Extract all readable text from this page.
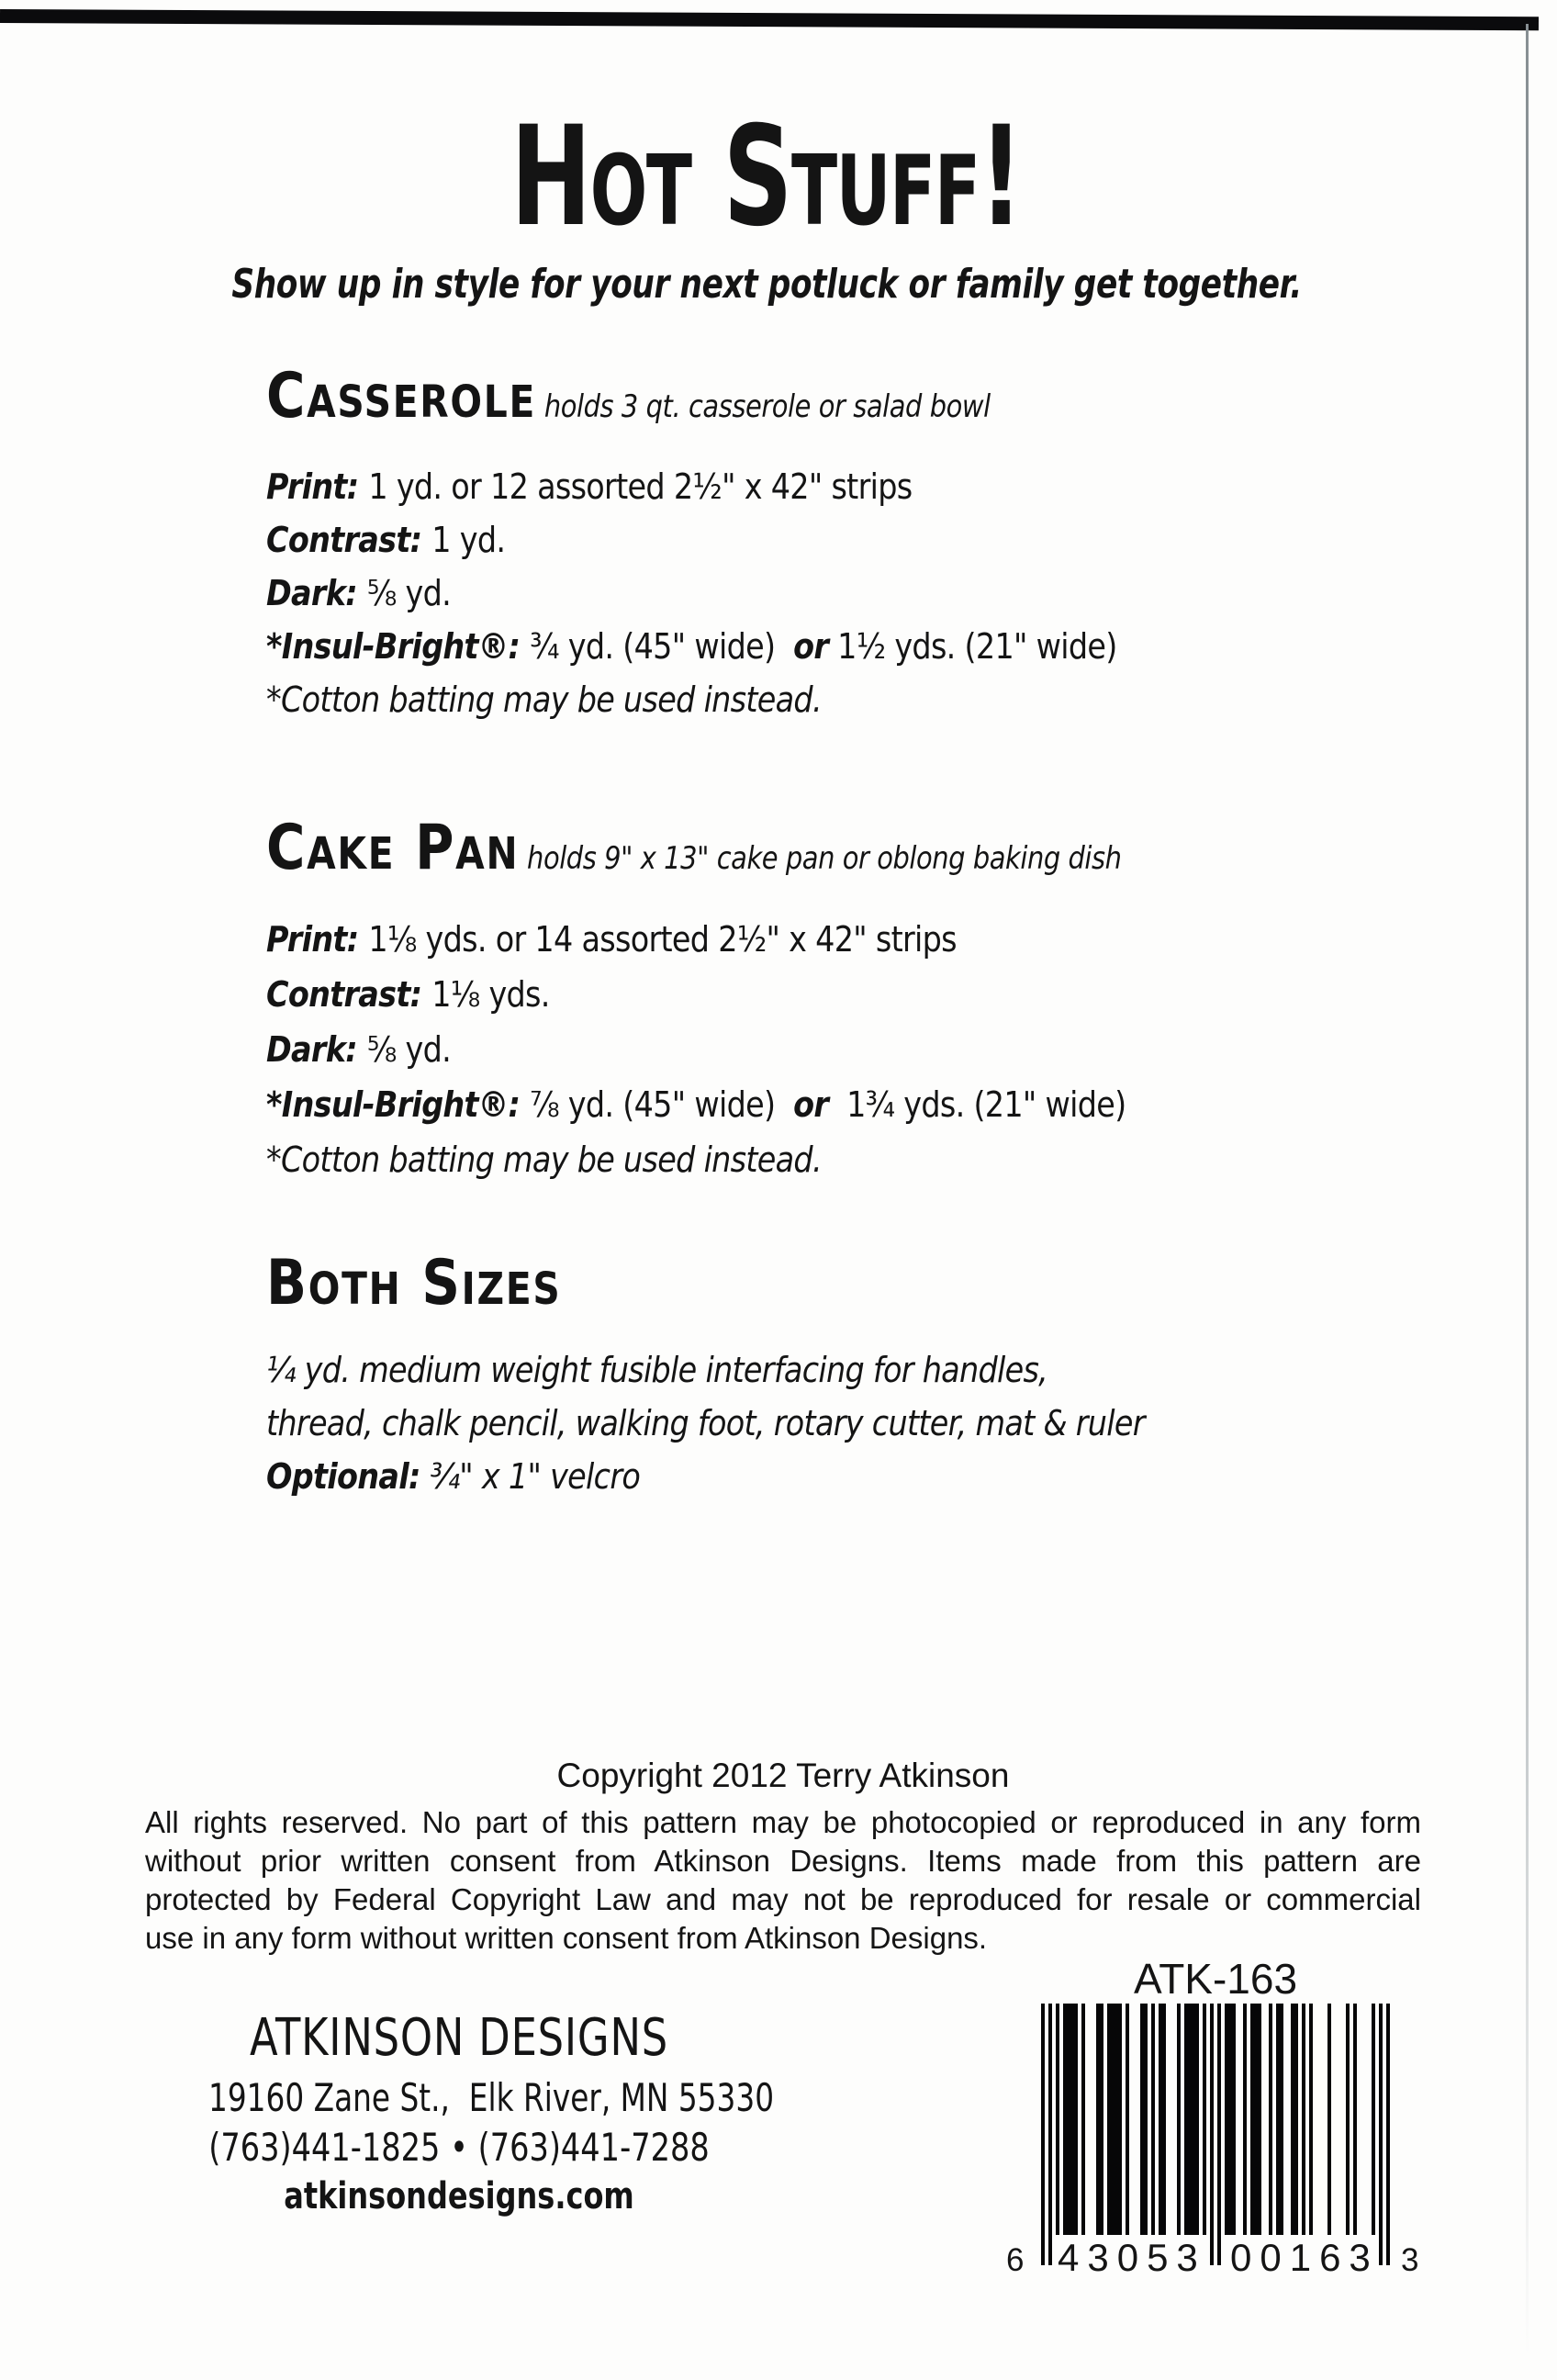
Hot Stuff!
Show up in style for your next potluck or family get together.

Casserole holds 3 qt. casserole or salad bowl

Print: 1 yd. or 12 assorted 2½" x 42" strips

Contrast: 1 yd.

Dark: ⅝ yd.

*Insul-Bright®: ¾ yd. (45" wide)  or 1½ yds. (21" wide)

*Cotton batting may be used instead.

Cake Pan holds 9" x 13" cake pan or oblong baking dish

Print: 1⅛ yds. or 14 assorted 2½" x 42" strips

Contrast: 1⅛ yds.

Dark: ⅝ yd.

*Insul-Bright®: ⅞ yd. (45" wide)  or  1¾ yds. (21" wide)

*Cotton batting may be used instead.

Both Sizes

¼ yd. medium weight fusible interfacing for handles,

thread, chalk pencil, walking foot, rotary cutter, mat & ruler

Optional: ¾" x 1" velcro

Copyright 2012 Terry Atkinson

All rights reserved. No part of this pattern may be photocopied or reproduced in any form

without prior written consent from Atkinson Designs. Items made from this pattern are

protected by Federal Copyright Law and may not be reproduced for resale or commercial

use in any form without written consent from Atkinson Designs.

ATK-163
43053 00163
6	3

ATKINSON DESIGNS

19160 Zane St.,  Elk River, MN 55330

(763)441-1825 • (763)441-7288

atkinsondesigns.com
